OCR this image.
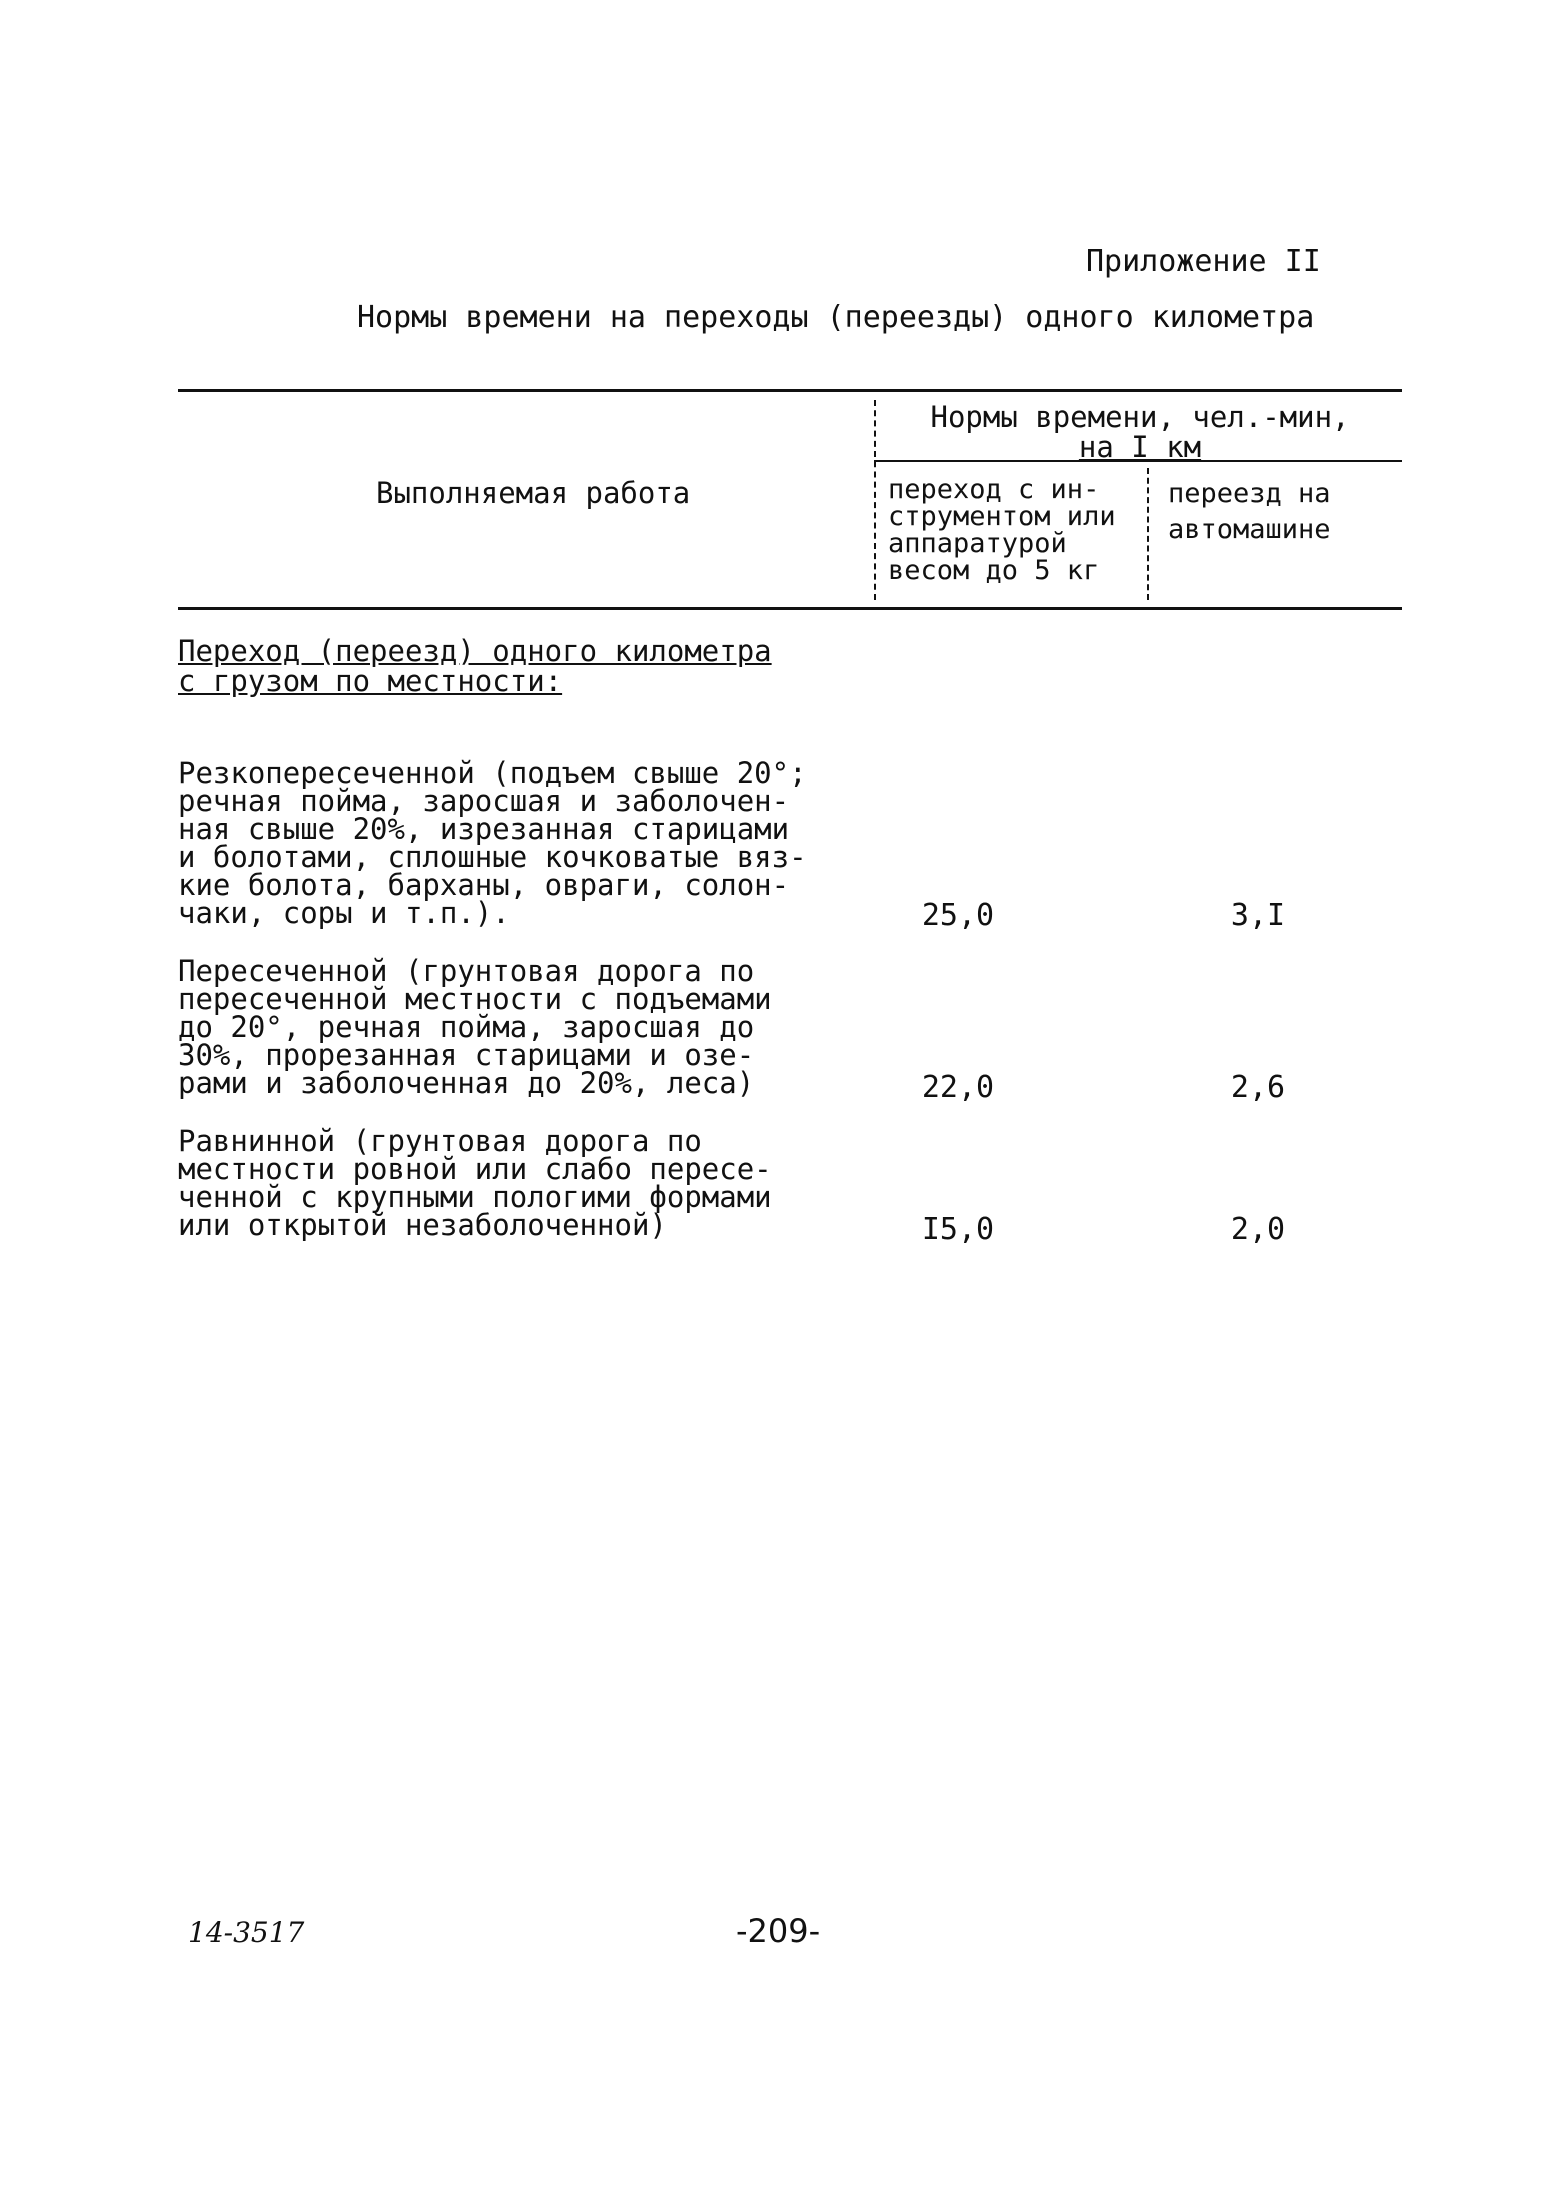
Приложение II

Нормы времени на переходы (переезды) одного километра

Выполняемая работа

Нормы времени, чел.-мин,
на I км

переход с ин-
струментом или
аппаратурой
весом до 5 кг

переезд на
автомашине

Переход (переезд) одного километра
с грузом по местности:

Резкопересеченной (подъем свыше 20°;
речная пойма, заросшая и заболочен-
ная свыше 20%, изрезанная старицами
и болотами, сплошные кочковатые вяз-
кие болота, барханы, овраги, солон-
чаки, соры и т.п.).	25,0	3,I

Пересеченной (грунтовая дорога по
пересеченной местности с подъемами
до 20°, речная пойма, заросшая до
30%, прорезанная старицами и озе-
рами и заболоченная до 20%, леса)	22,0	2,6

Равнинной (грунтовая дорога по
местности ровной или слабо пересе-
ченной с крупными пологими формами
или открытой незаболоченной)	I5,0	2,0

14-3517	-209-
